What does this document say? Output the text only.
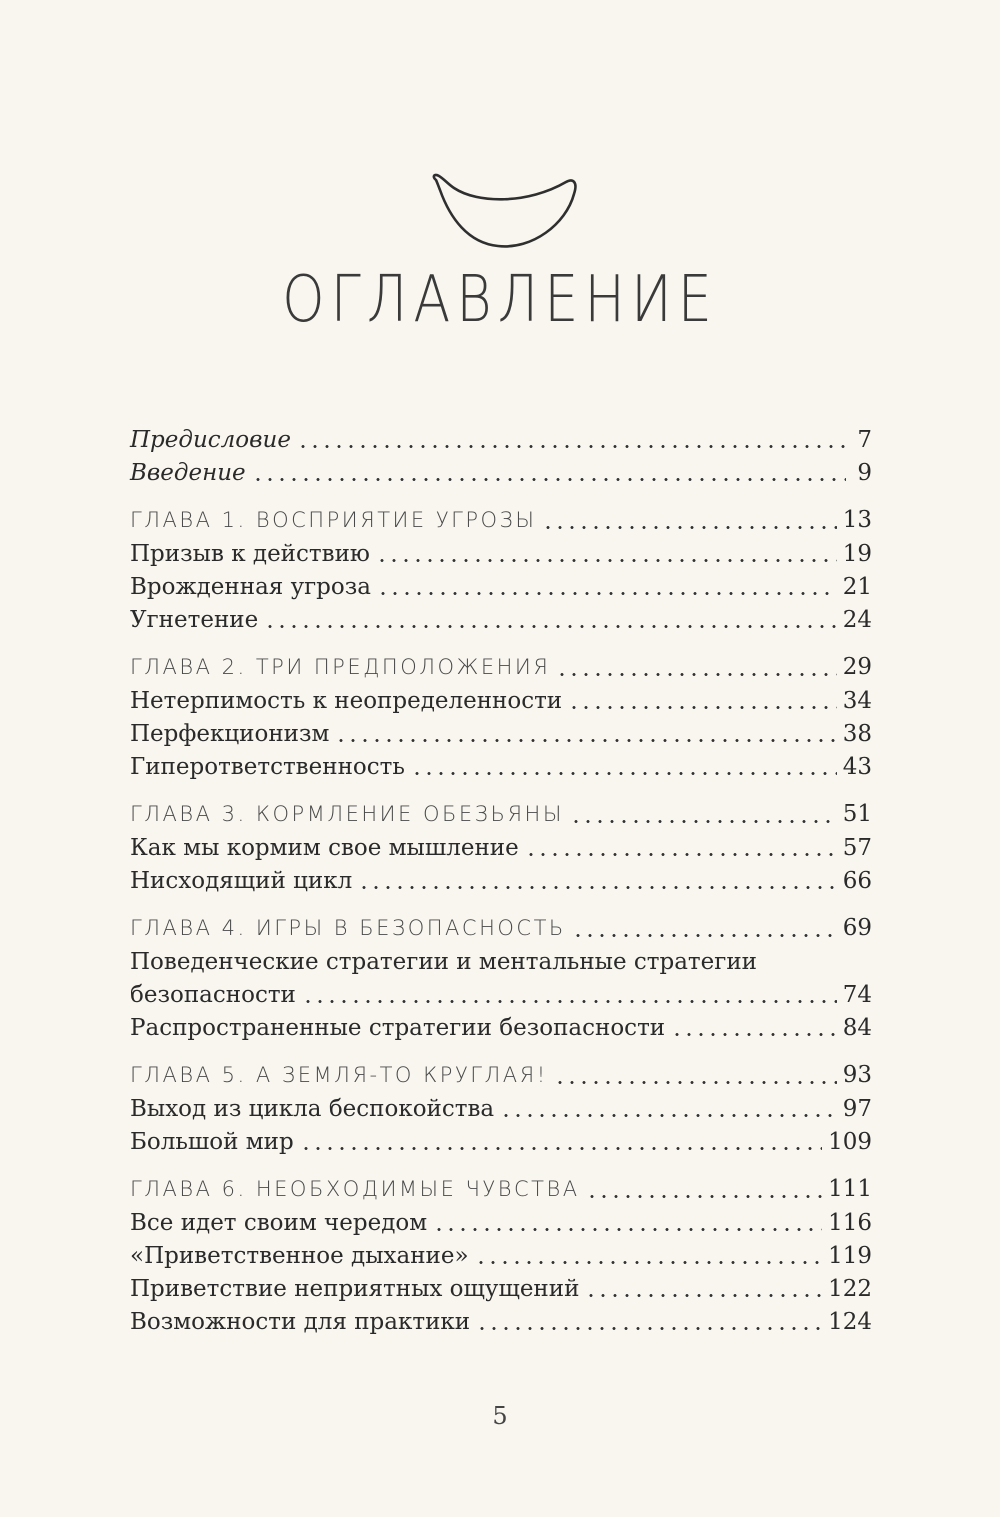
ОГЛАВЛЕНИЕ
Предисловие	7
Введение	9
ГЛАВА 1. ВОСПРИЯТИЕ УГРОЗЫ	13
Призыв к действию	19
Врожденная угроза	21
Угнетение	24
ГЛАВА 2. ТРИ ПРЕДПОЛОЖЕНИЯ	29
Нетерпимость к неопределенности	34
Перфекционизм	38
Гиперответственность	43
ГЛАВА 3. КОРМЛЕНИЕ ОБЕЗЬЯНЫ	51
Как мы кормим свое мышление	57
Нисходящий цикл	66
ГЛАВА 4. ИГРЫ В БЕЗОПАСНОСТЬ	69
Поведенческие стратегии и ментальные стратегии
безопасности	74
Распространенные стратегии безопасности	84
ГЛАВА 5. А ЗЕМЛЯ-ТО КРУГЛАЯ!	93
Выход из цикла беспокойства	97
Большой мир	109
ГЛАВА 6. НЕОБХОДИМЫЕ ЧУВСТВА	111
Все идет своим чередом	116
«Приветственное дыхание»	119
Приветствие неприятных ощущений	122
Возможности для практики	124
5
